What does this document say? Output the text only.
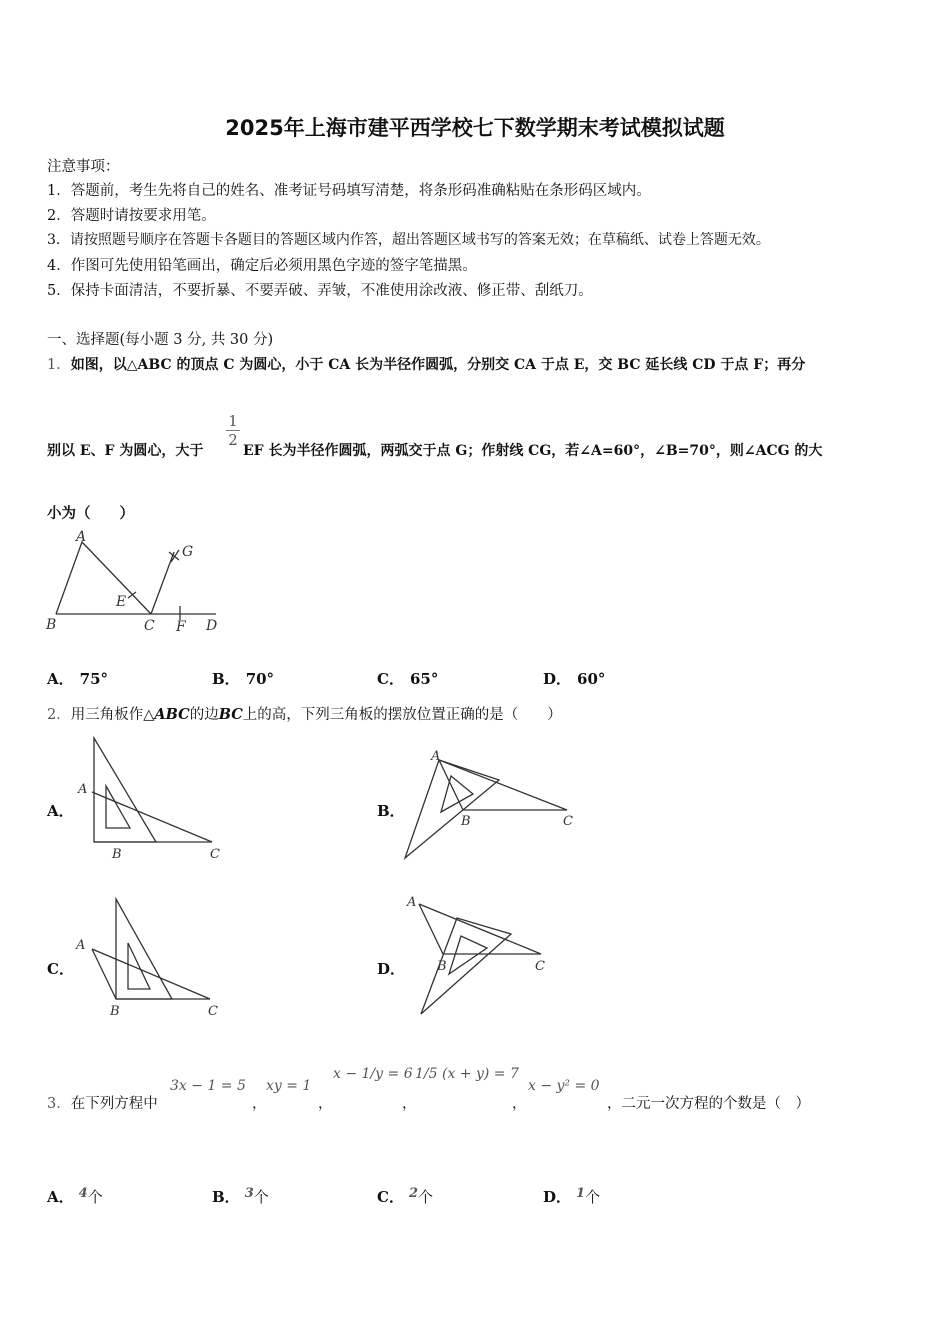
2025年上海市建平西学校七下数学期末考试模拟试题
注意事项：
1．答题前，考生先将自己的姓名、准考证号码填写清楚，将条形码准确粘贴在条形码区域内。
2．答题时请按要求用笔。
3．请按照题号顺序在答题卡各题目的答题区域内作答，超出答题区域书写的答案无效；在草稿纸、试卷上答题无效。
4．作图可先使用铅笔画出，确定后必须用黑色字迹的签字笔描黑。
5．保持卡面清洁，不要折暴、不要弄破、弄皱，不准使用涂改液、修正带、刮纸刀。
一、选择题(每小题 3 分, 共 30 分)
1．如图，以△ABC 的顶点 C 为圆心，小于 CA 长为半径作圆弧，分别交 CA 于点 E，交 BC 延长线 CD 于点 F；再分
别以 E、F 为圆心，大于
1
2
EF 长为半径作圆弧，两弧交于点 G；作射线 CG，若∠A=60°，∠B=70°，则∠ACG 的大
小为（　　）
A
B	C	D
E
F
G
A． 75°	B． 70°	C． 65°	D． 60°
2．用三角板作△ABC的边BC上的高，下列三角板的摆放位置正确的是（　　）
A．
A
B	C
B．
A
B	C
C．
A
B	C
D．
A
B	C
3．在下列方程中
3x − 1 = 5
，
xy = 1
，
x − 1/y = 6
，
1/5 (x + y) = 7
，
x − y² = 0
，二元一次方程的个数是（　）
A． 4个	B． 3个	C． 2个	D． 1个
